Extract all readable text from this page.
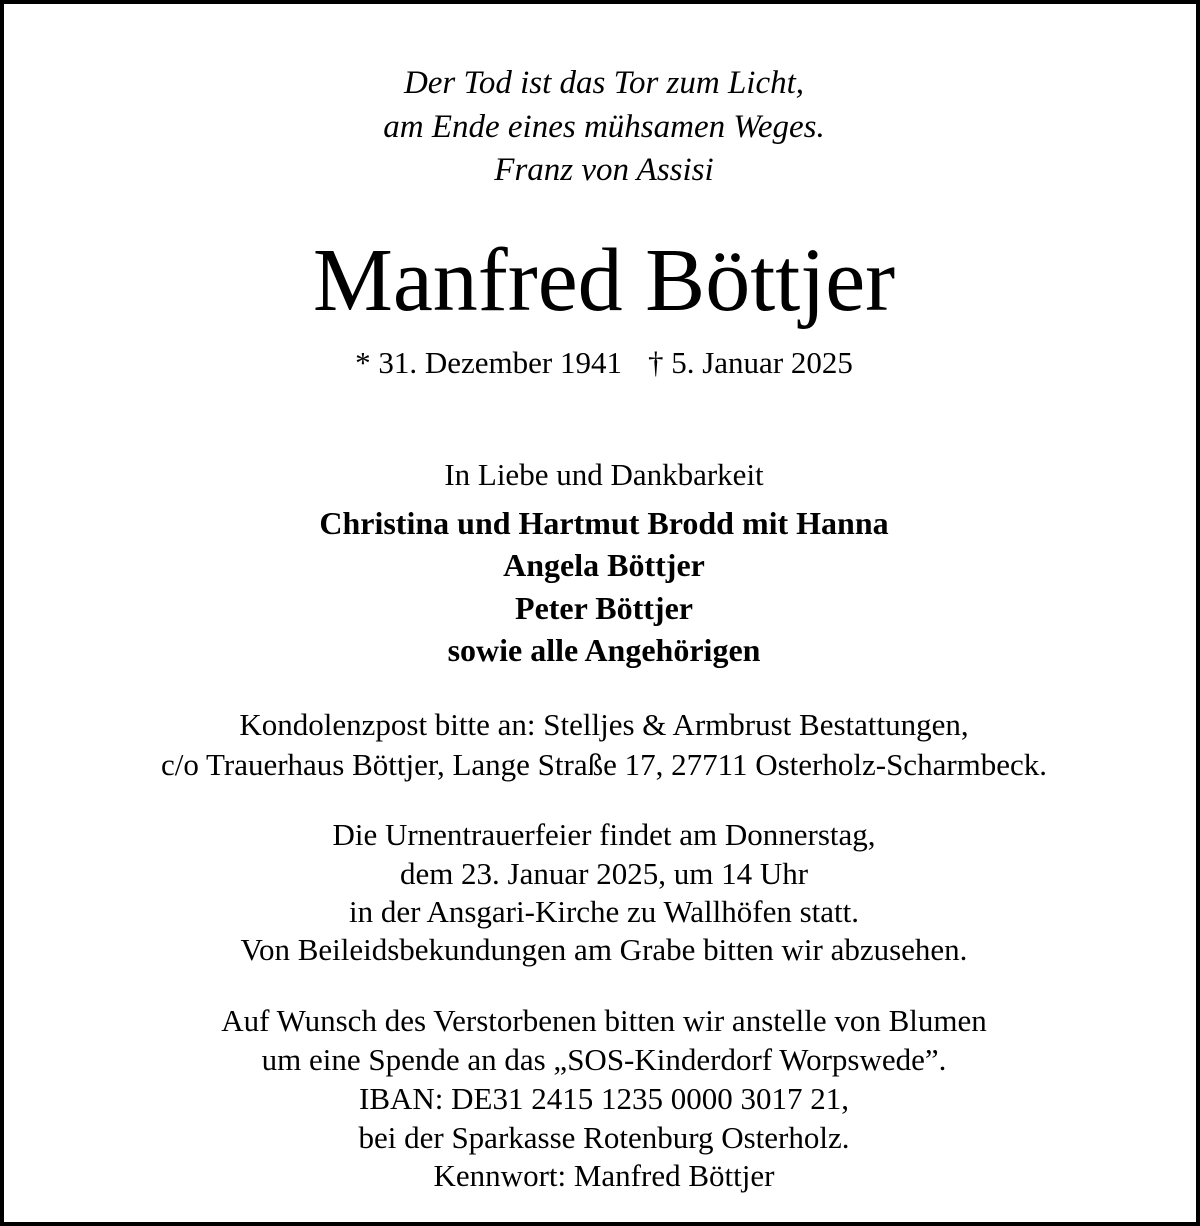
Der Tod ist das Tor zum Licht,
am Ende eines mühsamen Weges.
Franz von Assisi
Manfred Böttjer
* 31. Dezember 1941 † 5. Januar 2025
In Liebe und Dankbarkeit
Christina und Hartmut Brodd mit Hanna
Angela Böttjer
Peter Böttjer
sowie alle Angehörigen
Kondolenzpost bitte an: Stelljes & Armbrust Bestattungen,
c/o Trauerhaus Böttjer, Lange Straße 17, 27711 Osterholz-Scharmbeck.
Die Urnentrauerfeier findet am Donnerstag,
dem 23. Januar 2025, um 14 Uhr
in der Ansgari-Kirche zu Wallhöfen statt.
Von Beileidsbekundungen am Grabe bitten wir abzusehen.
Auf Wunsch des Verstorbenen bitten wir anstelle von Blumen
um eine Spende an das „SOS-Kinderdorf Worpswede”.
IBAN: DE31 2415 1235 0000 3017 21,
bei der Sparkasse Rotenburg Osterholz.
Kennwort: Manfred Böttjer
